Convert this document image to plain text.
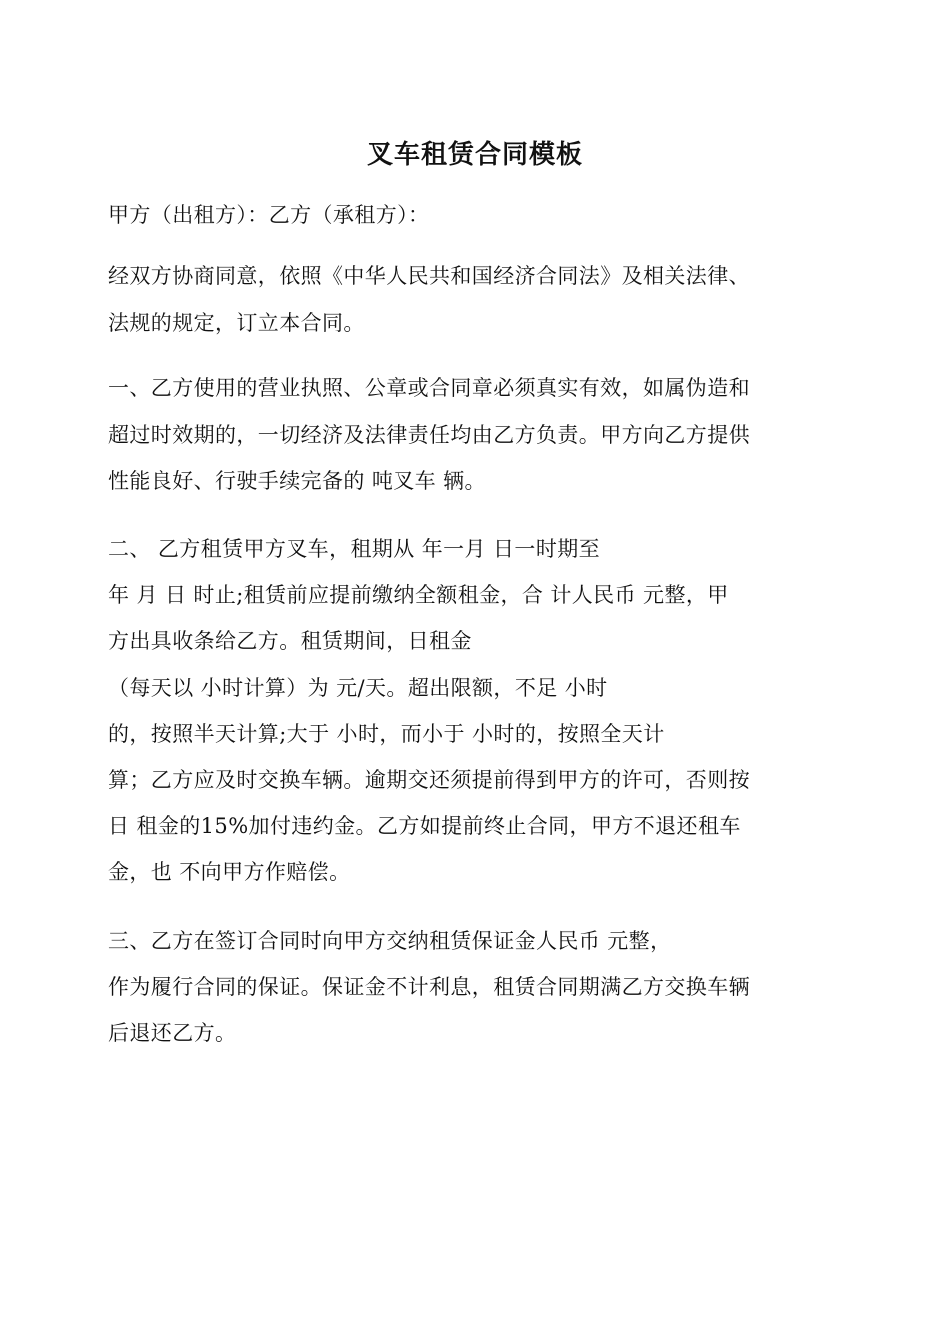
叉车租赁合同模板
甲方（出租方）：乙方（承租方）：
经双方协商同意，依照《中华人民共和国经济合同法》及相关法律、
法规的规定，订立本合同。
一、乙方使用的营业执照、公章或合同章必须真实有效，如属伪造和
超过时效期的，一切经济及法律责任均由乙方负责。甲方向乙方提供
性能良好、行驶手续完备的 吨叉车 辆。
二、 乙方租赁甲方叉车，租期从 年一月 日一时期至
年 月 日 时止;租赁前应提前缴纳全额租金，合 计人民币 元整，甲
方出具收条给乙方。租赁期间，日租金
（每天以 小时计算）为 元/天。超出限额，不足 小时
的，按照半天计算;大于 小时，而小于 小时的，按照全天计
算；乙方应及时交换车辆。逾期交还须提前得到甲方的许可，否则按
日 租金的15%加付违约金。乙方如提前终止合同，甲方不退还租车
金，也 不向甲方作赔偿。
三、乙方在签订合同时向甲方交纳租赁保证金人民币 元整，
作为履行合同的保证。保证金不计利息，租赁合同期满乙方交换车辆
后退还乙方。
